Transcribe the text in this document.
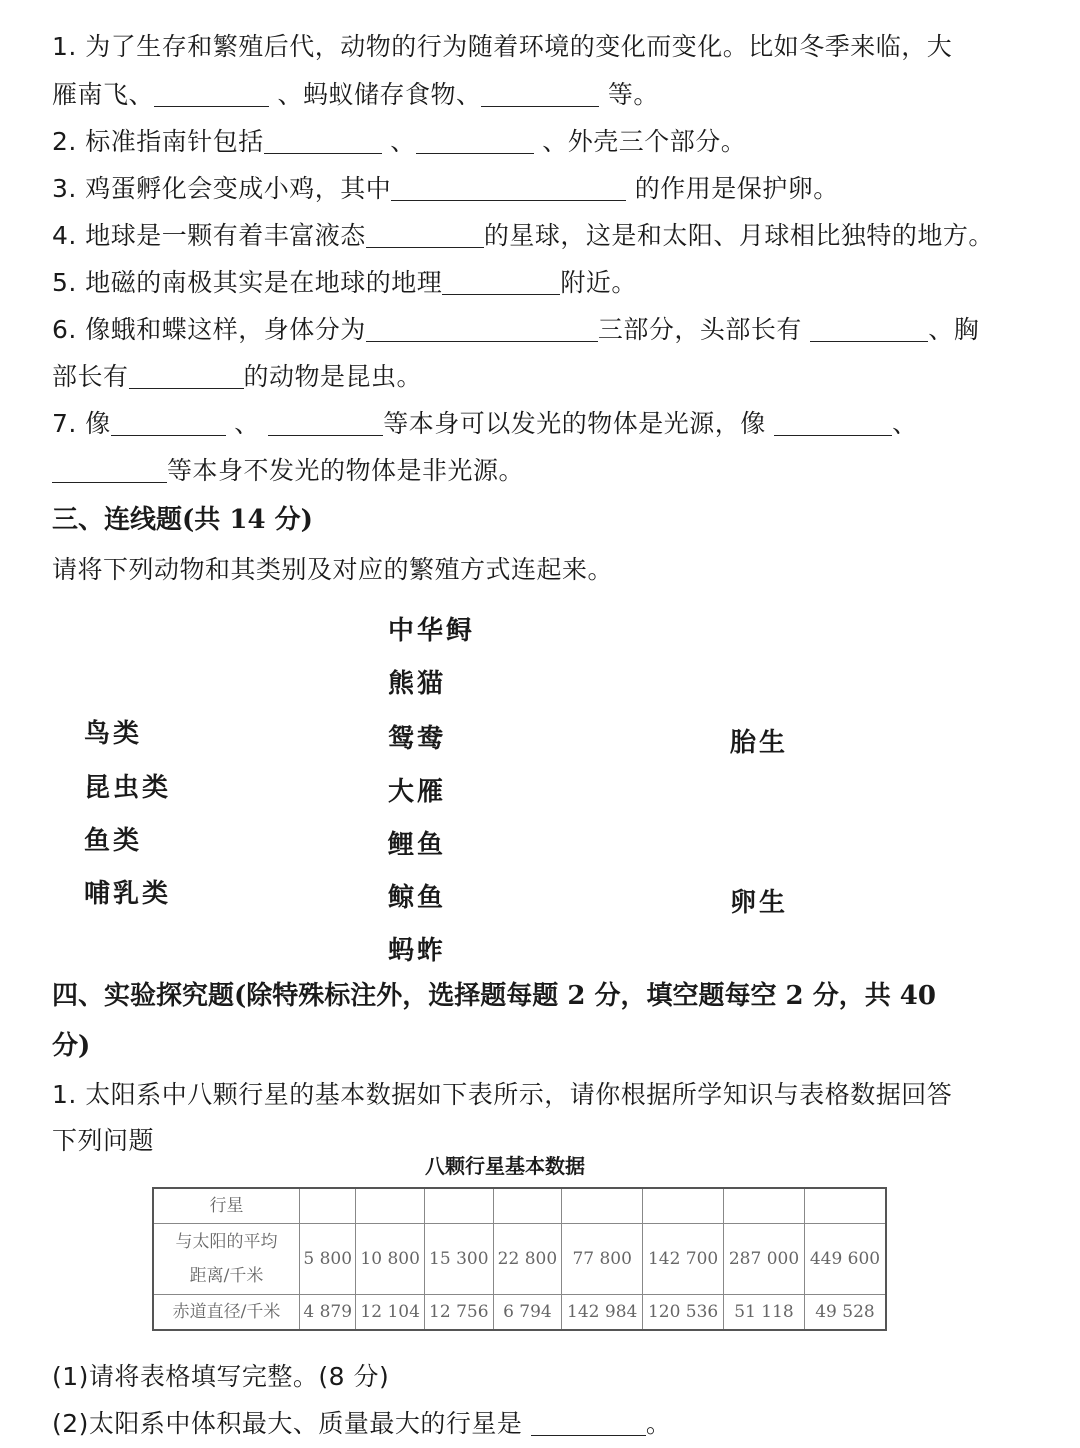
1. 为了生存和繁殖后代，动物的行为随着环境的变化而变化。比如冬季来临，大
雁南飞、	、蚂蚁储存食物、	等。
2. 标准指南针包括	、	、外壳三个部分。
3. 鸡蛋孵化会变成小鸡，其中	的作用是保护卵。
4. 地球是一颗有着丰富液态	的星球，这是和太阳、月球相比独特的地方。
5. 地磁的南极其实是在地球的地理	附近。
6. 像蛾和蝶这样，身体分为	三部分，头部长有	、胸
部长有	的动物是昆虫。
7. 像	、	等本身可以发光的物体是光源，像	、
等本身不发光的物体是非光源。
三、连线题(共 14 分)
请将下列动物和其类别及对应的繁殖方式连起来。
鸟类
昆虫类
鱼类
哺乳类
中华鲟
熊猫
鸳鸯
大雁
鲤鱼
鲸鱼
蚂蚱
胎生
卵生
四、实验探究题(除特殊标注外，选择题每题 2 分，填空题每空 2 分，共 40
分)
1. 太阳系中八颗行星的基本数据如下表所示，请你根据所学知识与表格数据回答
下列问题
八颗行星基本数据
行星								
与太阳的平均
距离/千米	5 800	10 800	15 300	22 800	77 800	142 700	287 000	449 600
赤道直径/千米	4 879	12 104	12 756	6 794	142 984	120 536	51 118	49 528
(1)请将表格填写完整。(8 分)
(2)太阳系中体积最大、质量最大的行星是	。
